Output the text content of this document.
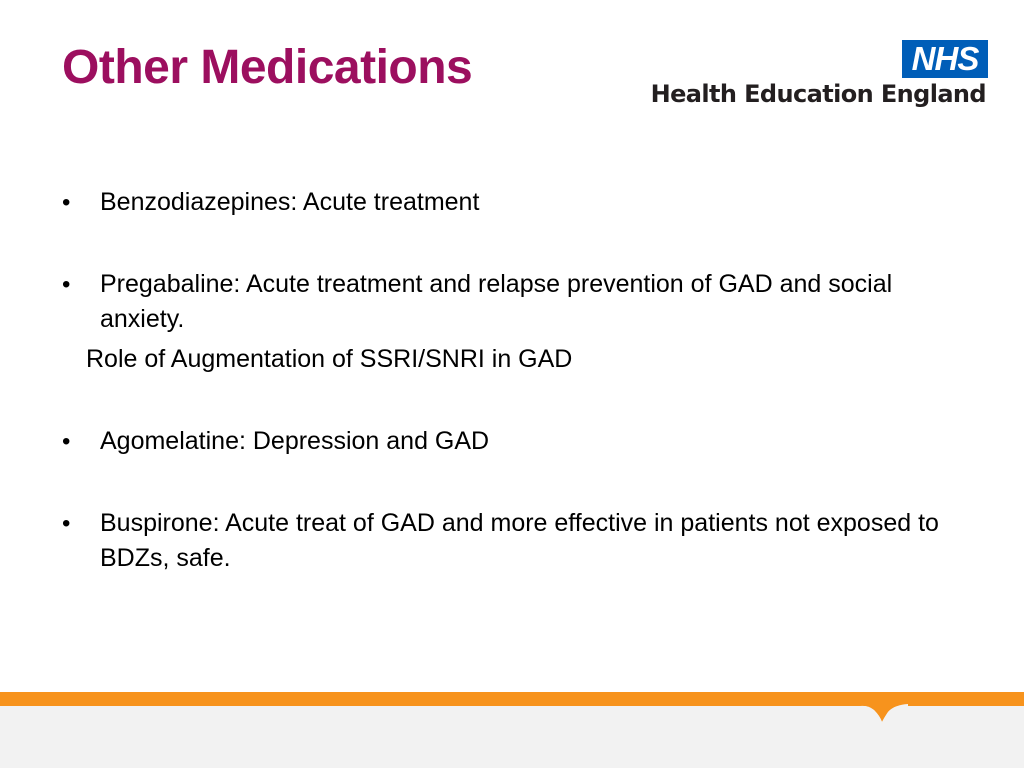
Other Medications	NHS
Health Education England
• Benzodiazepines: Acute treatment

• Pregabaline: Acute treatment and relapse prevention of GAD and social anxiety.

Role of Augmentation of SSRI/SNRI in GAD

• Agomelatine: Depression and GAD

• Buspirone: Acute treat of GAD and more effective in patients not exposed to BDZs, safe.
